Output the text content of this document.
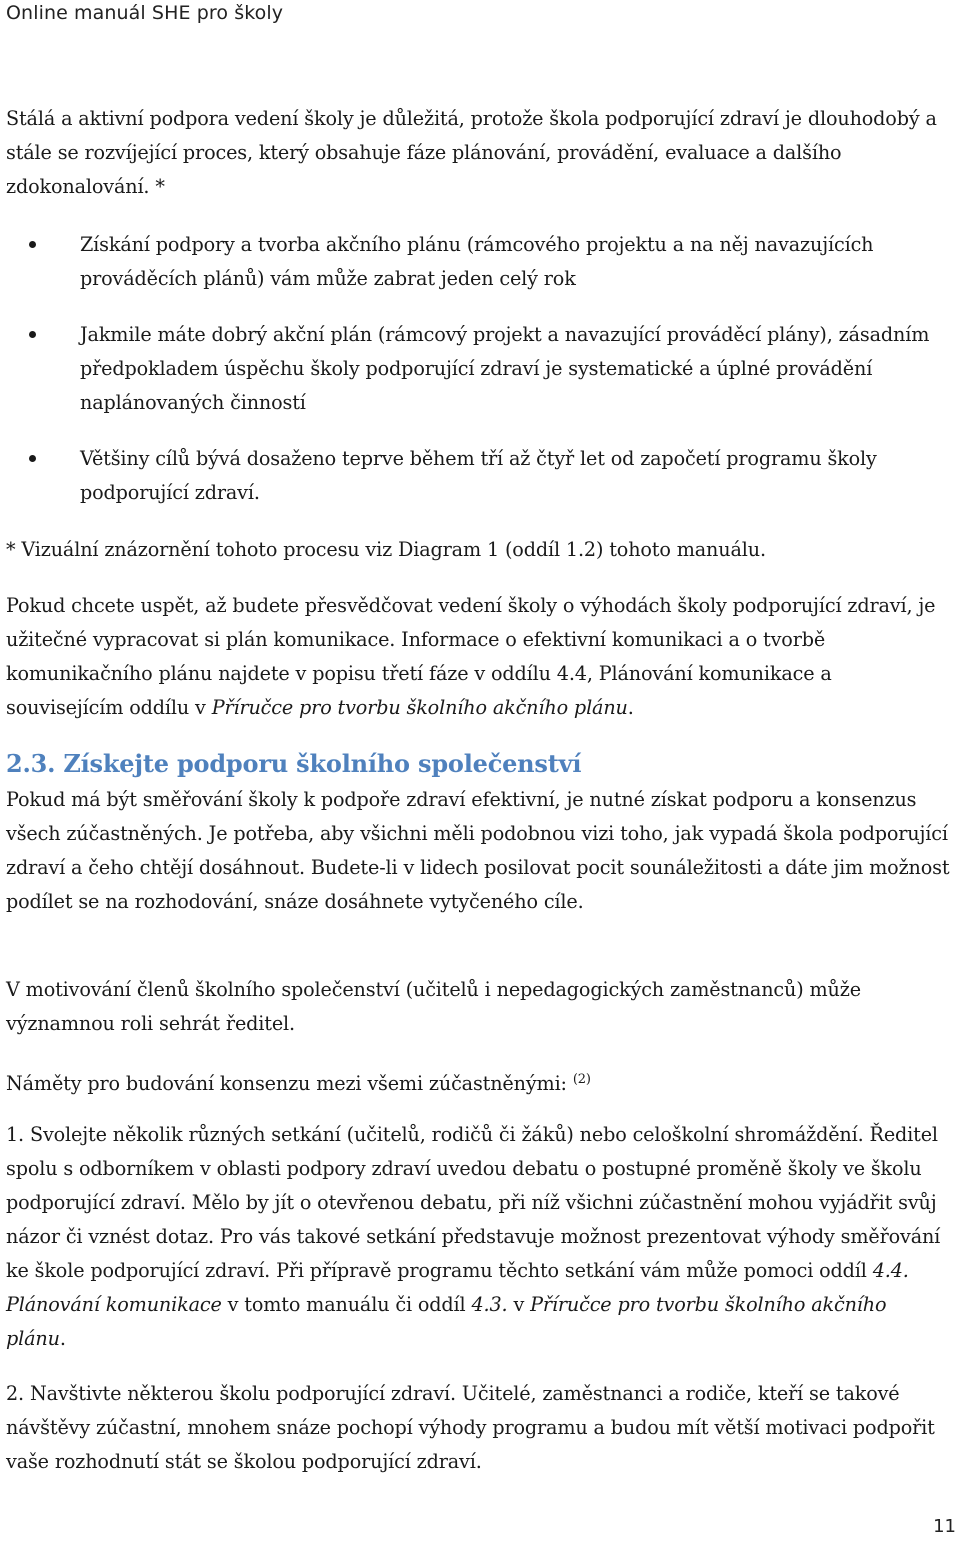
Online manuál SHE pro školy

Stálá a aktivní podpora vedení školy je důležitá, protože škola podporující zdraví je dlouhodobý a stále se rozvíjející proces, který obsahuje fáze plánování, provádění, evaluace a dalšího zdokonalování. *

Získání podpory a tvorba akčního plánu (rámcového projektu a na něj navazujících prováděcích plánů) vám může zabrat jeden celý rok
Jakmile máte dobrý akční plán (rámcový projekt a navazující prováděcí plány), zásadním předpokladem úspěchu školy podporující zdraví je systematické a úplné provádění naplánovaných činností
Většiny cílů bývá dosaženo teprve během tří až čtyř let od započetí programu školy podporující zdraví.

* Vizuální znázornění tohoto procesu viz Diagram 1 (oddíl 1.2) tohoto manuálu.

Pokud chcete uspět, až budete přesvědčovat vedení školy o výhodách školy podporující zdraví, je užitečné vypracovat si plán komunikace. Informace o efektivní komunikaci a o tvorbě komunikačního plánu najdete v popisu třetí fáze v oddílu 4.4, Plánování komunikace a souvisejícím oddílu v Příručce pro tvorbu školního akčního plánu.

2.3. Získejte podporu školního společenství

Pokud má být směřování školy k podpoře zdraví efektivní, je nutné získat podporu a konsenzus všech zúčastněných. Je potřeba, aby všichni měli podobnou vizi toho, jak vypadá škola podporující zdraví a čeho chtějí dosáhnout. Budete-li v lidech posilovat pocit sounáležitosti a dáte jim možnost podílet se na rozhodování, snáze dosáhnete vytyčeného cíle.

V motivování členů školního společenství (učitelů i nepedagogických zaměstnanců) může významnou roli sehrát ředitel.

Náměty pro budování konsenzu mezi všemi zúčastněnými: $^{(2)}$

1. Svolejte několik různých setkání (učitelů, rodičů či žáků) nebo celoškolní shromáždění. Ředitel spolu s odborníkem v oblasti podpory zdraví uvedou debatu o postupné proměně školy ve školu podporující zdraví. Mělo by jít o otevřenou debatu, při níž všichni zúčastnění mohou vyjádřit svůj názor či vznést dotaz. Pro vás takové setkání představuje možnost prezentovat výhody směřování ke škole podporující zdraví. Při přípravě programu těchto setkání vám může pomoci oddíl 4.4. Plánování komunikace v tomto manuálu či oddíl 4.3. v Příručce pro tvorbu školního akčního plánu.

2. Navštivte některou školu podporující zdraví. Učitelé, zaměstnanci a rodiče, kteří se takové návštěvy zúčastní, mnohem snáze pochopí výhody programu a budou mít větší motivaci podpořit vaše rozhodnutí stát se školou podporující zdraví.

11
